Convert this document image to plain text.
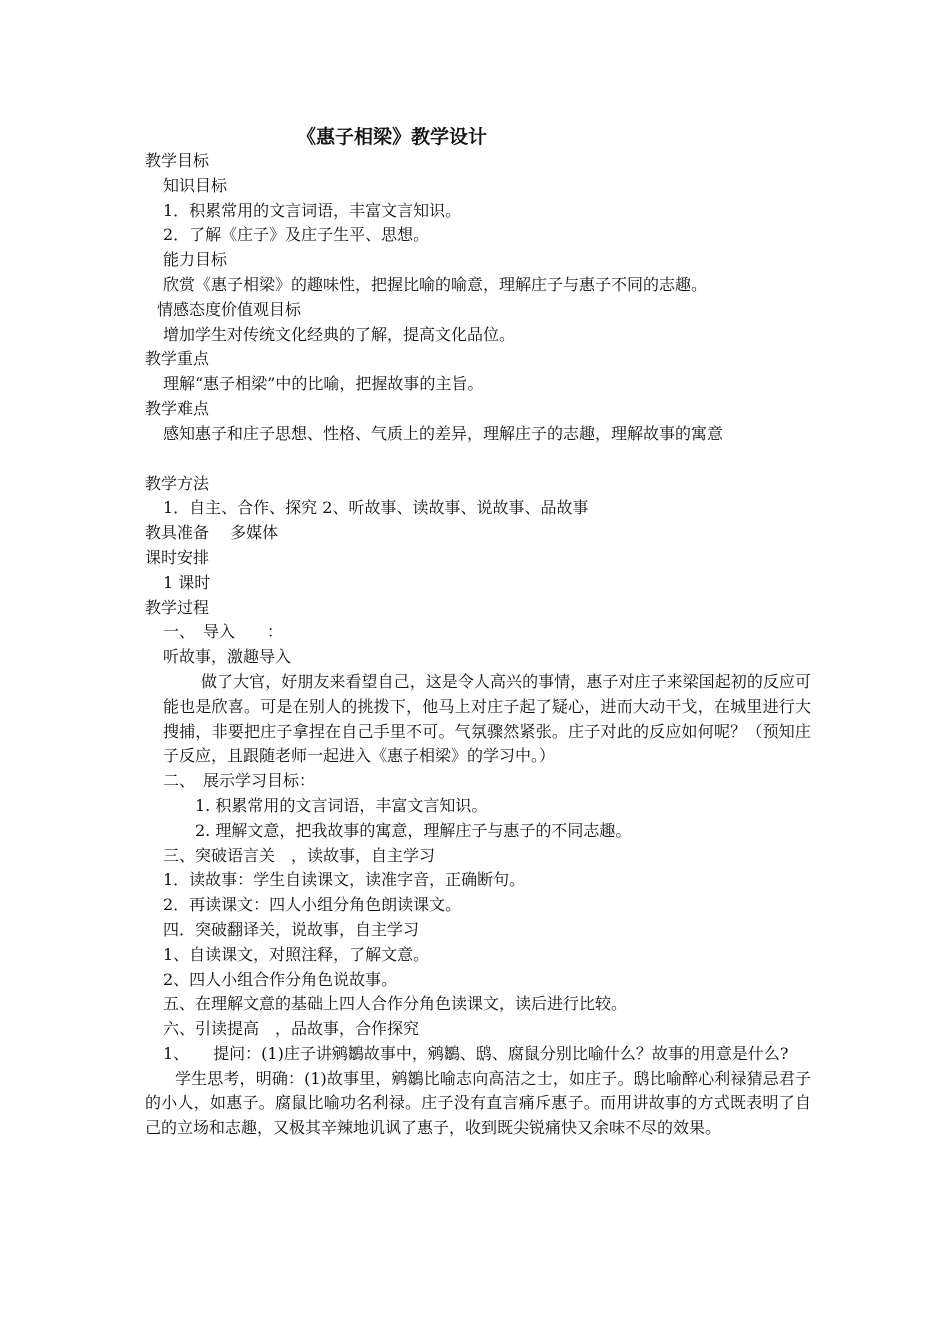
《惠子相梁》教学设计
教学目标
知识目标
1．积累常用的文言词语，丰富文言知识。
2．了解《庄子》及庄子生平、思想。
能力目标
欣赏《惠子相梁》的趣味性，把握比喻的喻意，理解庄子与惠子不同的志趣。
情感态度价值观目标
增加学生对传统文化经典的了解，提高文化品位。
教学重点
理解“惠子相梁”中的比喻，把握故事的主旨。
教学难点
感知惠子和庄子思想、性格、气质上的差异，理解庄子的志趣，理解故事的寓意
教学方法
1．自主、合作、探究 2、听故事、读故事、说故事、品故事
教具准备　 多媒体
课时安排
1 课时
教学过程
一、　导入　　：
听故事，激趣导入
做了大官，好朋友来看望自己，这是令人高兴的事情，惠子对庄子来梁国起初的反应可能也是欣喜。可是在别人的挑拨下，他马上对庄子起了疑心，进而大动干戈，在城里进行大搜捕，非要把庄子拿捏在自己手里不可。气氛骤然紧张。庄子对此的反应如何呢？（预知庄子反应，且跟随老师一起进入《惠子相梁》的学习中。）
二、　展示学习目标：
1. 积累常用的文言词语，丰富文言知识。
2. 理解文意，把我故事的寓意，理解庄子与惠子的不同志趣。
三、突破语言关　，读故事，自主学习
1．读故事：学生自读课文，读准字音，正确断句。
2．再读课文：四人小组分角色朗读课文。
四．突破翻译关，说故事，自主学习
1、自读课文，对照注释，了解文意。
2、四人小组合作分角色说故事。
五、在理解文意的基础上四人合作分角色读课文，读后进行比较。
六、引读提高　，品故事，合作探究
1、　　提问：(1)庄子讲鹓鶵故事中，鹓鶵、鸱、腐鼠分别比喻什么？故事的用意是什么?
学生思考，明确：(1)故事里，鹓鶵比喻志向高洁之士，如庄子。鸱比喻醉心利禄猜忌君子的小人，如惠子。腐鼠比喻功名利禄。庄子没有直言痛斥惠子。而用讲故事的方式既表明了自己的立场和志趣，又极其辛辣地讥讽了惠子，收到既尖锐痛快又余味不尽的效果。
